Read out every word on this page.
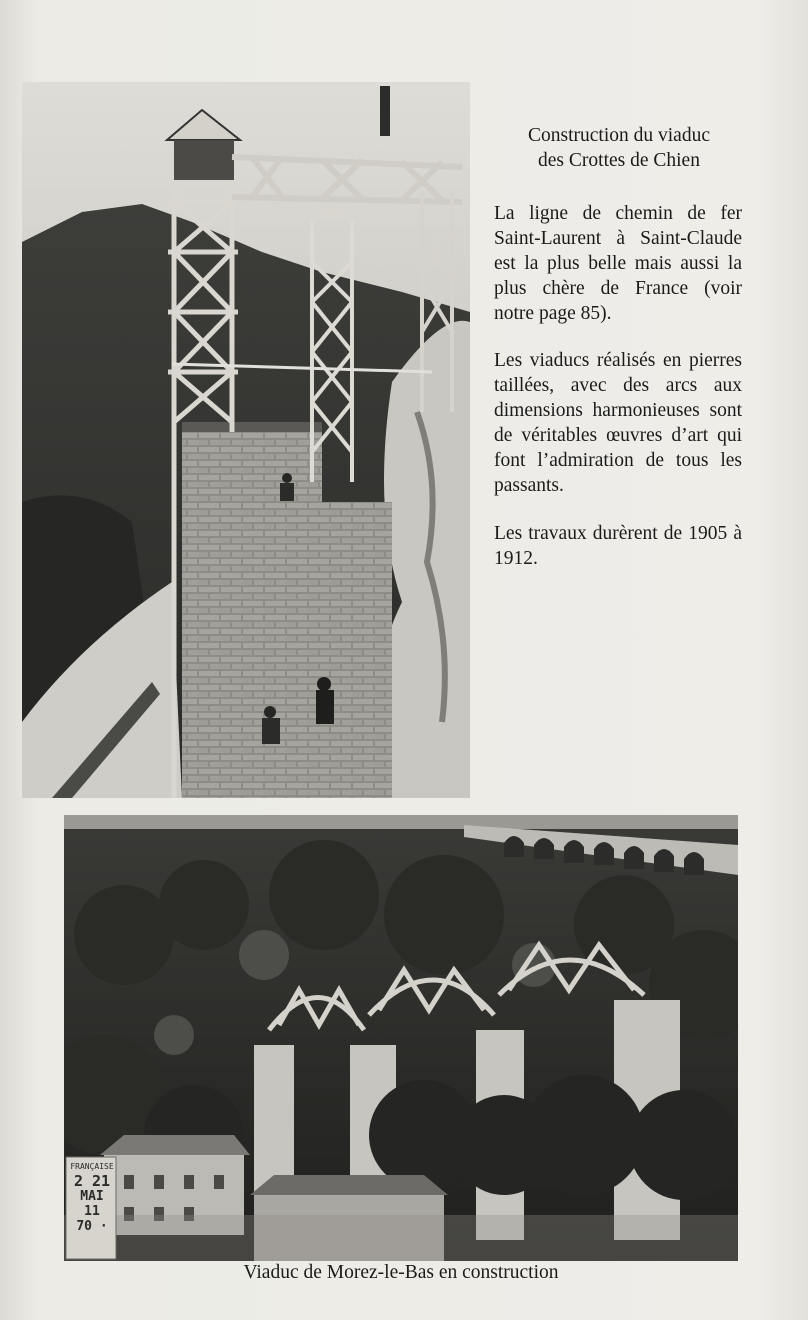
Construction du viaduc
des Crottes de Chien
La ligne de chemin de fer Saint-Laurent à Saint-Claude est la plus belle mais aussi la plus chère de France (voir notre page 85).
Les viaducs réalisés en pierres taillées, avec des arcs aux dimensions harmonieuses sont de véritables œuvres d’art qui font l’admiration de tous les passants.
Les travaux durèrent de 1905 à 1912.
FRANÇAISE
2 21
MAI
11
70 ·
Viaduc de Morez-le-Bas en construction
